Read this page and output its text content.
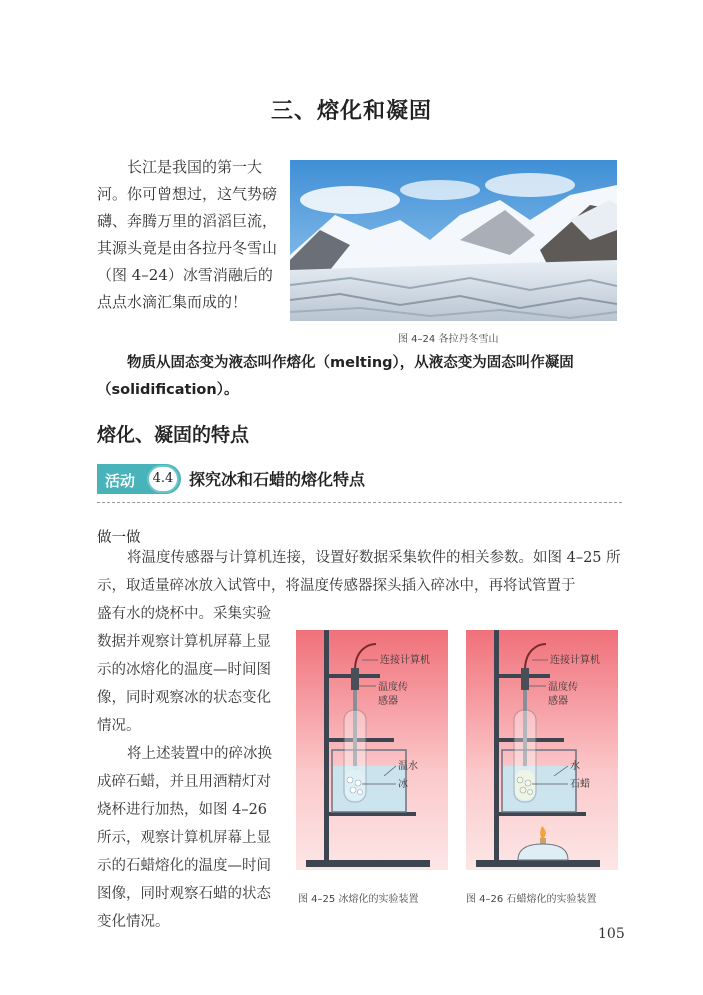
三、熔化和凝固

长江是我国的第一大河。你可曾想过，这气势磅礴、奔腾万里的滔滔巨流，其源头竟是由各拉丹冬雪山（图 4–24）冰雪消融后的点点水滴汇集而成的！

图 4–24 各拉丹冬雪山

物质从固态变为液态叫作熔化（melting），从液态变为固态叫作凝固（solidification）。

熔化、凝固的特点
活动	4.4 探究冰和石蜡的熔化特点
做一做

将温度传感器与计算机连接，设置好数据采集软件的相关参数。如图 4–25 所示，取适量碎冰放入试管中，将温度传感器探头插入碎冰中，再将试管置于

盛有水的烧杯中。采集实验数据并观察计算机屏幕上显示的冰熔化的温度—时间图像，同时观察冰的状态变化情况。

将上述装置中的碎冰换成碎石蜡，并且用酒精灯对烧杯进行加热，如图 4–26 所示，观察计算机屏幕上显示的石蜡熔化的温度—时间图像，同时观察石蜡的状态变化情况。

连接计算机
温度传
感器
温水
冰
图 4–25 冰熔化的实验装置
连接计算机
温度传
感器
水
石蜡
图 4–26 石蜡熔化的实验装置
105
